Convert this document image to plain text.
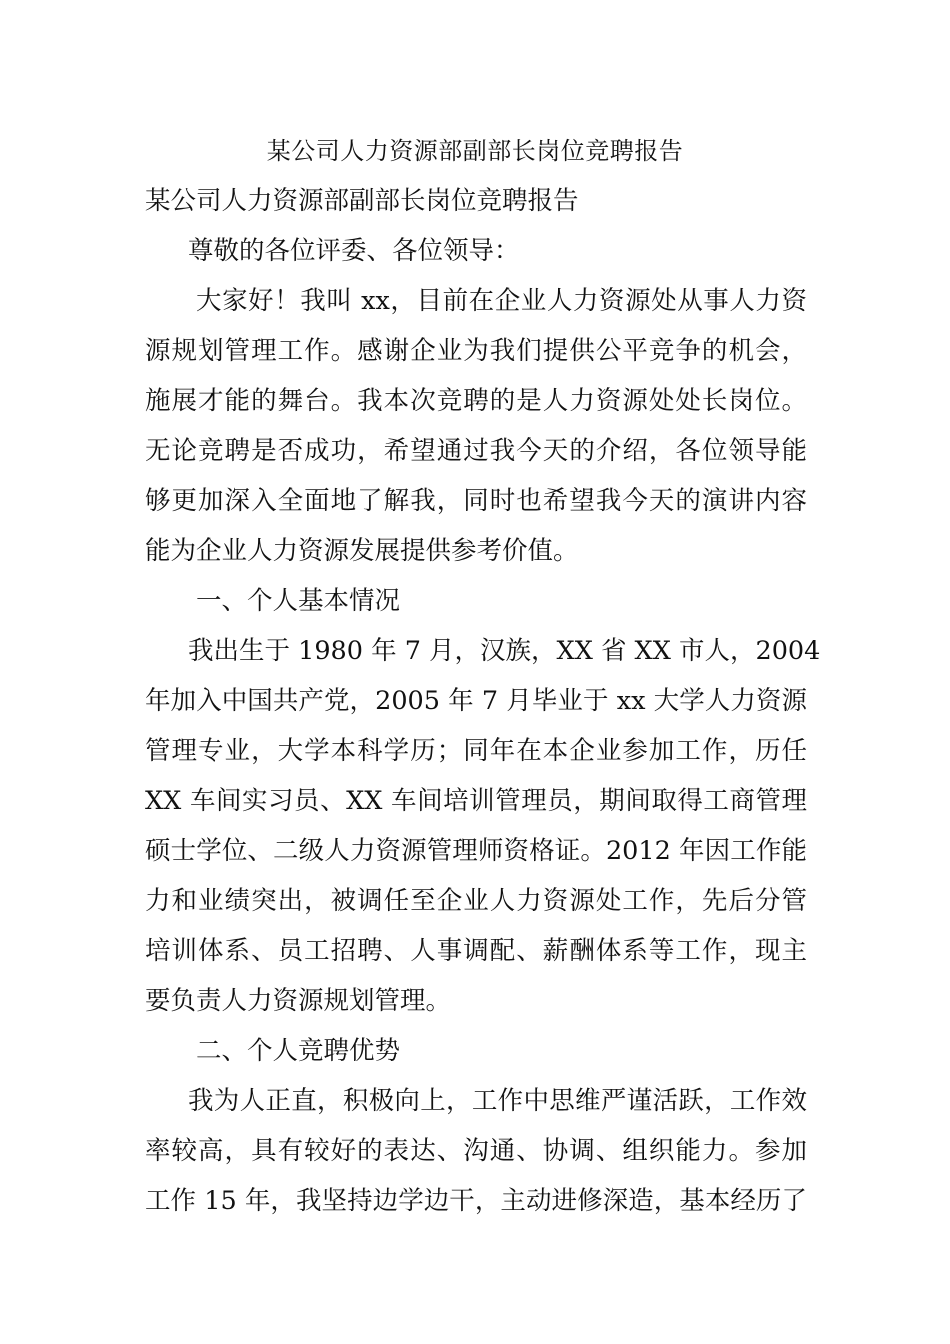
某公司人力资源部副部长岗位竞聘报告
某公司人力资源部副部长岗位竞聘报告
尊敬的各位评委、各位领导：
大家好！我叫 xx，目前在企业人力资源处从事人力资
源规划管理工作。感谢企业为我们提供公平竞争的机会，
施展才能的舞台。我本次竞聘的是人力资源处处长岗位。
无论竞聘是否成功，希望通过我今天的介绍，各位领导能
够更加深入全面地了解我，同时也希望我今天的演讲内容
能为企业人力资源发展提供参考价值。
一、个人基本情况
我出生于 1980 年 7 月，汉族，XX 省 XX 市人，2004
年加入中国共产党，2005 年 7 月毕业于 xx 大学人力资源
管理专业，大学本科学历；同年在本企业参加工作，历任
XX 车间实习员、XX 车间培训管理员，期间取得工商管理
硕士学位、二级人力资源管理师资格证。2012 年因工作能
力和业绩突出，被调任至企业人力资源处工作，先后分管
培训体系、员工招聘、人事调配、薪酬体系等工作，现主
要负责人力资源规划管理。
二、个人竞聘优势
我为人正直，积极向上，工作中思维严谨活跃，工作效
率较高，具有较好的表达、沟通、协调、组织能力。参加
工作 15 年，我坚持边学边干，主动进修深造，基本经历了
